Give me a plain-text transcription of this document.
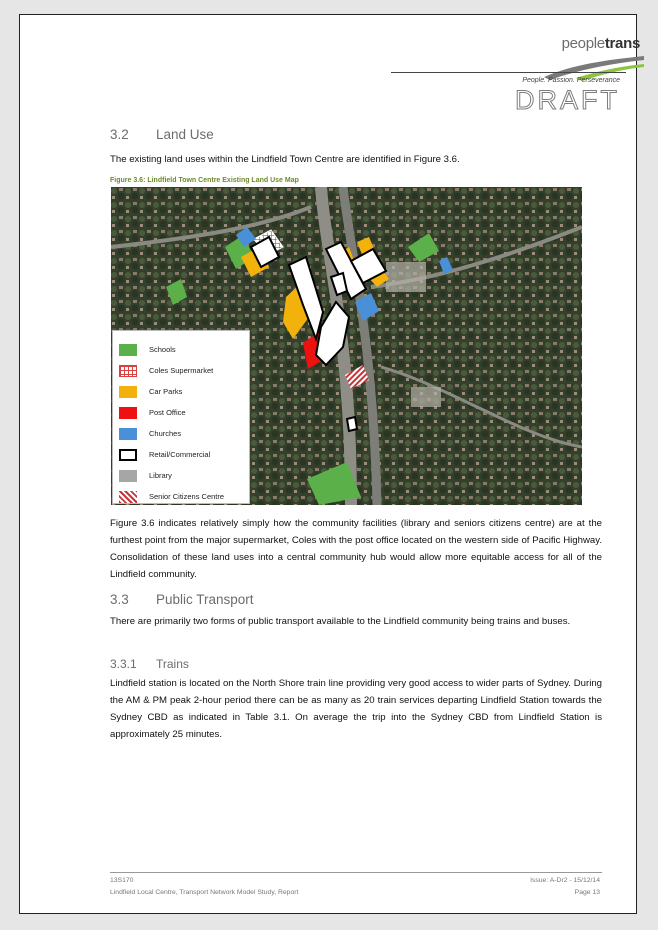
peopletrans
People. Passion. Perseverance
DRAFT
3.2 Land Use
The existing land uses within the Lindfield Town Centre are identified in Figure 3.6.
Figure 3.6: Lindfield Town Centre Existing Land Use Map
Schools
Coles Supermarket
Car Parks
Post Office
Churches
Retail/Commercial
Library
Senior Citizens Centre
Figure 3.6 indicates relatively simply how the community facilities (library and seniors citizens centre) are at the furthest point from the major supermarket, Coles with the post office located on the western side of Pacific Highway. Consolidation of these land uses into a central community hub would allow more equitable access for all of the Lindfield community.
3.3 Public Transport
There are primarily two forms of public transport available to the Lindfield community being trains and buses.
3.3.1 Trains
Lindfield station is located on the North Shore train line providing very good access to wider parts of Sydney. During the AM & PM peak 2-hour period there can be as many as 20 train services departing Lindfield Station towards the Sydney CBD as indicated in Table 3.1. On average the trip into the Sydney CBD from Lindfield Station is approximately 25 minutes.
13S170
Lindfield Local Centre, Transport Network Model Study, Report
Issue: A-Dr2 - 15/12/14
Page 13
